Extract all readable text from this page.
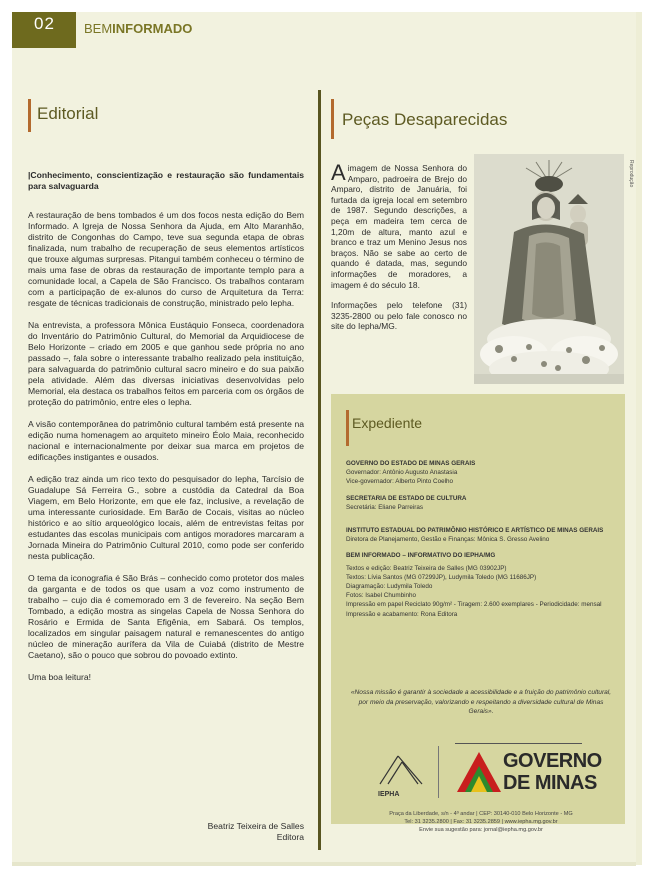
02 BEMINFORMADO
Editorial

|Conhecimento, conscientização e restauração são fundamentais para salvaguarda

A restauração de bens tombados é um dos focos nesta edição do Bem Informado. A Igreja de Nossa Senhora da Ajuda, em Alto Maranhão, distrito de Congonhas do Campo, teve sua segunda etapa de obras finalizada, num trabalho de recuperação de seus elementos artísticos que trouxe algumas surpresas. Pitangui também conheceu o término de mais uma fase de obras da restauração de importante templo para a comunidade local, a Capela de São Francisco. Os trabalhos contaram com a participação de ex-alunos do curso de Arquitetura da Terra: resgate de técnicas tradicionais de construção, ministrado pelo Iepha.

Na entrevista, a professora Mônica Eustáquio Fonseca, coordenadora do Inventário do Patrimônio Cultural, do Memorial da Arquidiocese de Belo Horizonte – criado em 2005 e que ganhou sede própria no ano passado –, fala sobre o interessante trabalho realizado pela instituição, para salvaguarda do patrimônio cultural sacro mineiro e do sua paixão pela atividade. Além das diversas iniciativas desenvolvidas pelo Memorial, ela destaca os trabalhos feitos em parceria com os órgãos de proteção do patrimônio, entre eles o Iepha.

A visão contemporânea do patrimônio cultural também está presente na edição numa homenagem ao arquiteto mineiro Éolo Maia, reconhecido nacional e internacionalmente por deixar sua marca em projetos de edificações instigantes e ousados.

A edição traz ainda um rico texto do pesquisador do Iepha, Tarcísio de Guadalupe Sá Ferreira G., sobre a custódia da Catedral da Boa Viagem, em Belo Horizonte, em que ele faz, inclusive, a revelação de uma interessante curiosidade. Em Barão de Cocais, visitas ao núcleo histórico e ao sítio arqueológico locais, além de entrevistas feitas por estudantes das escolas municipais com antigos moradores marcaram a Jornada Mineira do Patrimônio Cultural 2010, como pode ser conferido nesta publicação.

O tema da iconografia é São Brás – conhecido como protetor dos males da garganta e de todos os que usam a voz como instrumento de trabalho – cujo dia é comemorado em 3 de fevereiro. Na seção Bem Tombado, a edição mostra as singelas Capela de Nossa Senhora do Rosário e Ermida de Santa Efigênia, em Sabará. Os templos, localizados em singular paisagem natural e remanescentes do antigo núcleo de mineração aurífera da Vila de Cuiabá (distrito de Mestre Caetano), são o pouco que sobrou do povoado extinto.

Uma boa leitura!

Beatriz Teixeira de Salles
Editora
Peças Desaparecidas

Aimagem de Nossa Senhora do Amparo, padroeira de Brejo do Amparo, distrito de Januária, foi furtada da igreja local em setembro de 1987. Segundo descrições, a peça em madeira tem cerca de 1,20m de altura, manto azul e branco e traz um Menino Jesus nos braços. Não se sabe ao certo de quando é datada, mas, segundo informações de moradores, a imagem é do século 18.

Informações pelo telefone (31) 3235-2800 ou pelo fale conosco no site do Iepha/MG.

Reprodução
Expediente
GOVERNO DO ESTADO DE MINAS GERAIS
Governador: Antônio Augusto Anastasia
Vice-governador: Alberto Pinto Coelho
SECRETARIA DE ESTADO DE CULTURA
Secretária: Eliane Parreiras
INSTITUTO ESTADUAL DO PATRIMÔNIO HISTÓRICO E ARTÍSTICO DE MINAS GERAIS
Diretora de Planejamento, Gestão e Finanças: Mônica S. Gresso Avelino
BEM INFORMADO – INFORMATIVO DO IEPHA/MG
Textos e edição: Beatriz Teixeira de Salles (MG 03902JP)
Textos: Lívia Santos (MG 07299JP), Ludymila Toledo (MG 11686JP)
Diagramação: Ludymila Toledo
Fotos: Isabel Chumbinho
Impressão em papel Reciclato 90g/m² - Tiragem: 2.600 exemplares - Periodicidade: mensal
Impressão e acabamento: Rona Editora
«Nossa missão é garantir à sociedade a acessibilidade e a fruição do patrimônio cultural, por meio da preservação, valorizando e respeitando a diversidade cultural de Minas Gerais».
IEPHA
GOVERNO
DE MINAS
Praça da Liberdade, s/n - 4º andar | CEP: 30140-010 Belo Horizonte - MG
Tel: 31 3235.2800 | Fax: 31 3235.2859 | www.iepha.mg.gov.br
Envie sua sugestão para: jornal@iepha.mg.gov.br
